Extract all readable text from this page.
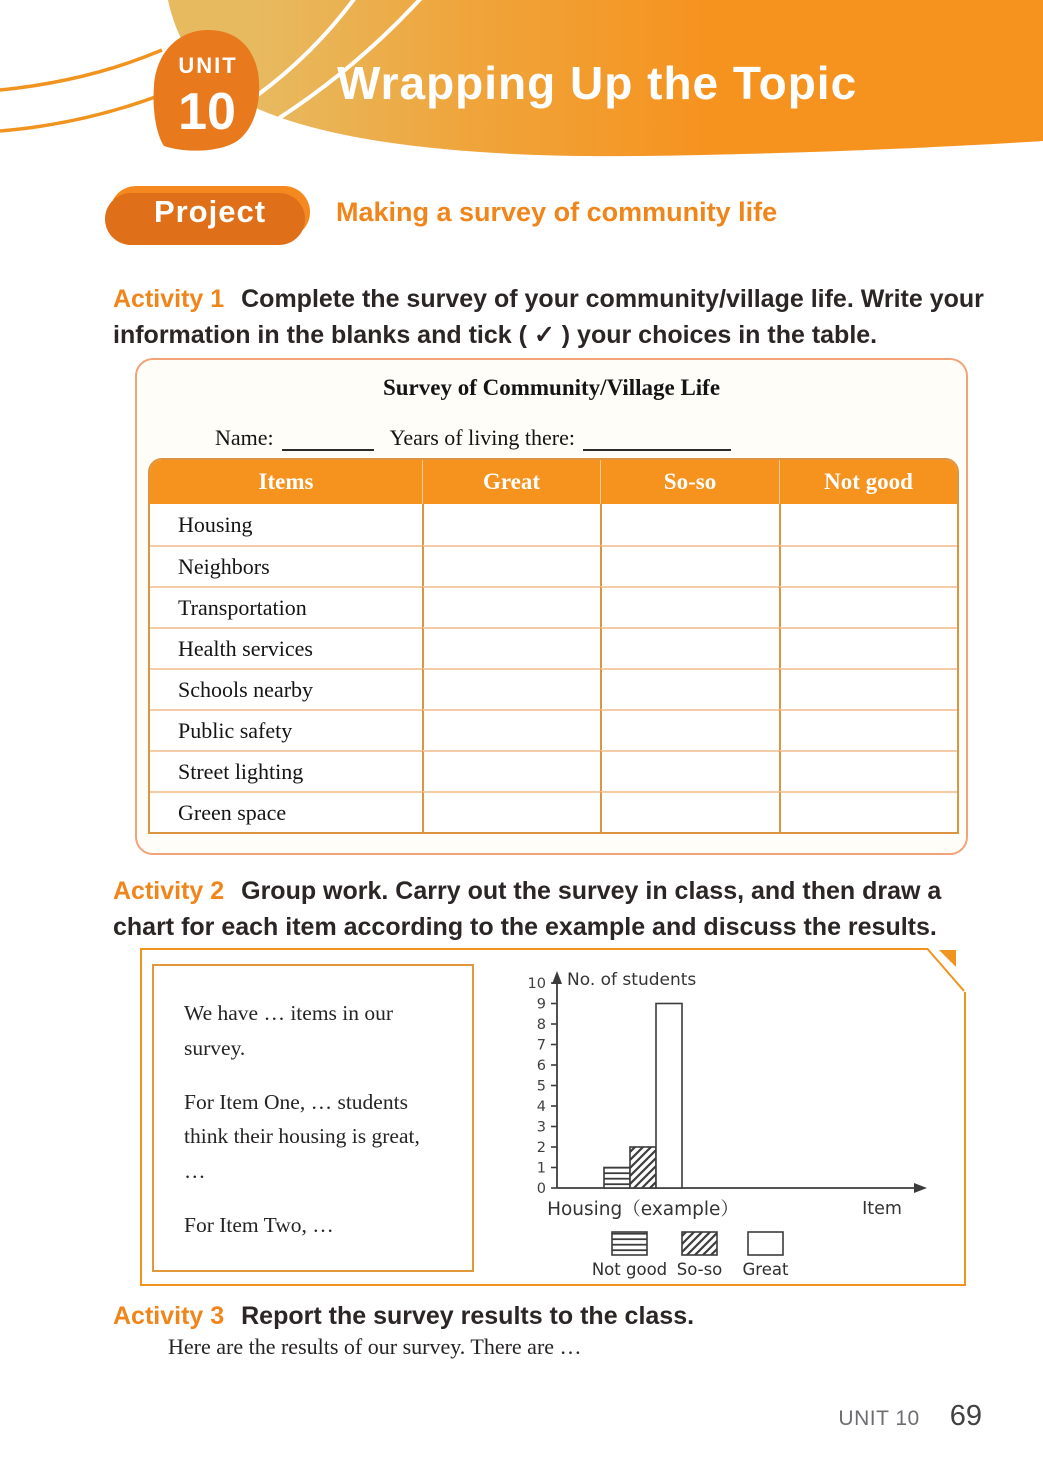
UNIT
10 Wrapping Up the Topic
Project	Making a survey of community life

Activity 1 Complete the survey of your community/village life. Write your information in the blanks and tick ( ✓ ) your choices in the table.

Survey of Community/Village Life
Name:	Years of living there:
Items	Great	So-so	Not good
Housing			
Neighbors			
Transportation			
Health services			
Schools nearby			
Public safety			
Street lighting			
Green space			

Activity 2 Group work. Carry out the survey in class, and then draw a chart for each item according to the example and discuss the results.

We have … items in our survey.

For Item One, … students think their housing is great, …

For Item Two, …

0
1
2
3
4
5
6
7
8
9
10 No. of students
Item
Housing（example）
Not good So-so Great

Activity 3 Report the survey results to the class.

Here are the results of our survey. There are …

UNIT 10 69
